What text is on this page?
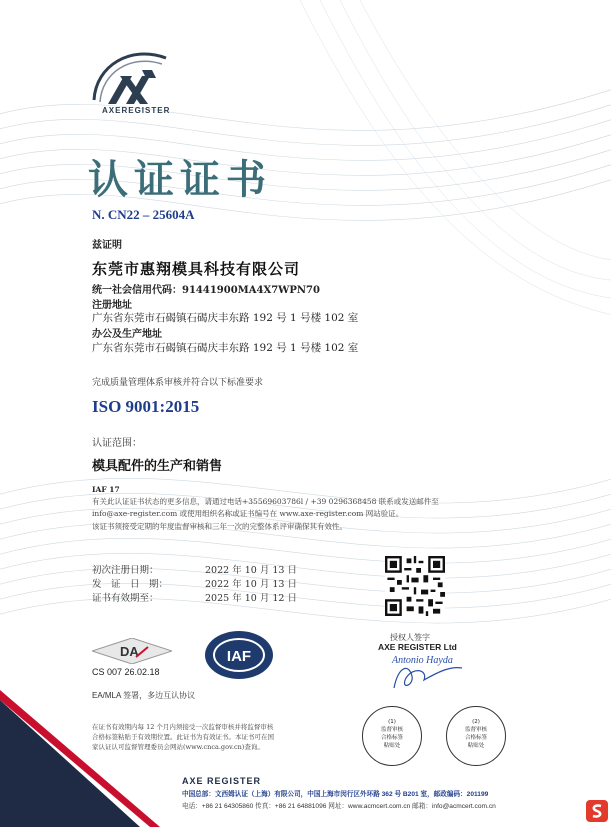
AXEREGISTER
认证证书
N. CN22 – 25604A
兹证明
东莞市惠翔模具科技有限公司
统一社会信用代码：91441900MA4X7WPN70
注册地址
广东省东莞市石碣镇石碣庆丰东路 192 号 1 号楼 102 室
办公及生产地址
广东省东莞市石碣镇石碣庆丰东路 192 号 1 号楼 102 室
完成质量管理体系审核并符合以下标准要求
ISO 9001:2015
认证范围：
模具配件的生产和销售
IAF 17
有关此认证证书状态的更多信息，请通过电话+35569603786l / +39 0296368458 联系或发送邮件至
info@axe-register.com 或使用组织名称或证书编号在 www.axe-register.com 网站验证。
该证书须接受定期的年度监督审核和三年一次的完整体系评审确保其有效性。
初次注册日期：	2022 年 10 月 13 日
发　证　日　期：	2022 年 10 月 13 日
证书有效期至：	2025 年 10 月 12 日
授权人签字
AXE REGISTER Ltd
Antonio Hayda
DA
CS 007 26.02.18
IAF
EA/MLA 签署，多边互认协议
在证书有效期内每 12 个月内须接受一次监督审核并将监督审核
合格标签粘贴于有效期位置。此证书为有效证书。本证书可在国
家认证认可监督管理委员会网站(www.cnca.gov.cn)查询。
(1)
监督审核
合格标签
粘贴处
(2)
监督审核
合格标签
粘贴处
AXE REGISTER
中国总部：文西姆认证（上海）有限公司，中国上海市闵行区外环路 362 号 B201 室，邮政编码：201199
电话：+86 21 64305860 传真：+86 21 64881096 网址：www.acmcert.com.cn 邮箱：info@acmcert.com.cn
